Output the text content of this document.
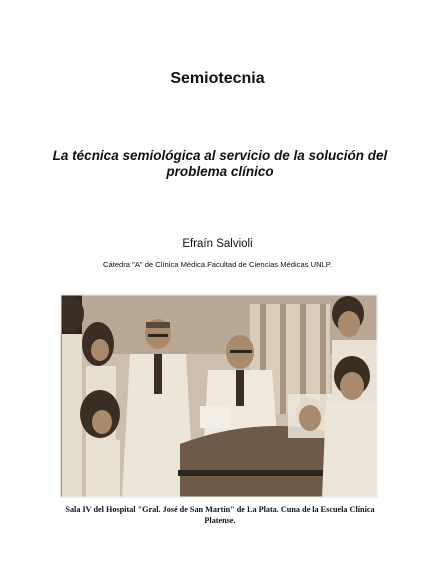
Semiotecnia
La técnica semiológica al servicio de la solución del problema clínico
Efraín Salvioli
Cátedra "A" de Clínica Médica.Facultad de Ciencias Médicas UNLP.
Sala IV del Hospital "Gral. José de San Martín" de La Plata. Cuna de la Escuela Clínica Platense.
